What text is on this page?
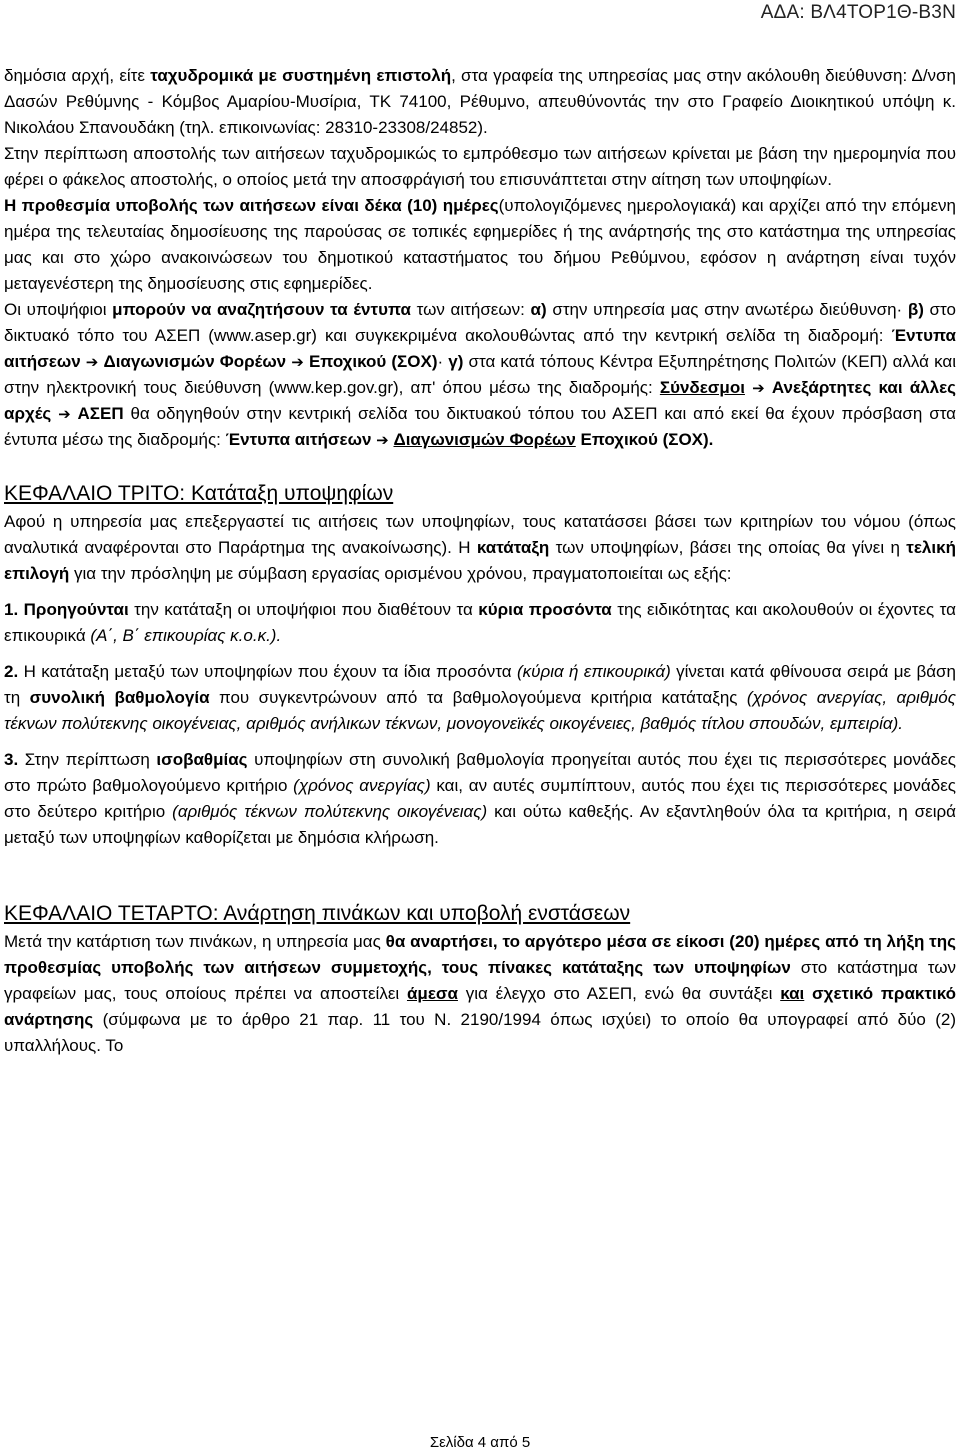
ΑΔΑ: ΒΛ4ΤΟΡ1Θ-Β3Ν

δημόσια αρχή, είτε ταχυδρομικά με συστημένη επιστολή, στα γραφεία της υπηρεσίας μας στην ακόλουθη διεύθυνση: Δ/νση Δασών Ρεθύμνης - Κόμβος Αμαρίου-Μυσίρια, ΤΚ 74100, Ρέθυμνο, απευθύνοντάς την στο Γραφείο Διοικητικού υπόψη κ. Νικολάου Σπανουδάκη (τηλ. επικοινωνίας: 28310-23308/24852).

Στην περίπτωση αποστολής των αιτήσεων ταχυδρομικώς το εμπρόθεσμο των αιτήσεων κρίνεται με βάση την ημερομηνία που φέρει ο φάκελος αποστολής, ο οποίος μετά την αποσφράγισή του επισυνάπτεται στην αίτηση των υποψηφίων.

Η προθεσμία υποβολής των αιτήσεων είναι δέκα (10) ημέρες(υπολογιζόμενες ημερολογιακά) και αρχίζει από την επόμενη ημέρα της τελευταίας δημοσίευσης της παρούσας σε τοπικές εφημερίδες ή της ανάρτησής της στο κατάστημα της υπηρεσίας μας και στο χώρο ανακοινώσεων του δημοτικού καταστήματος του δήμου Ρεθύμνου, εφόσον η ανάρτηση είναι τυχόν μεταγενέστερη της δημοσίευσης στις εφημερίδες.

Οι υποψήφιοι μπορούν να αναζητήσουν τα έντυπα των αιτήσεων: α) στην υπηρεσία μας στην ανωτέρω διεύθυνση· β) στο δικτυακό τόπο του ΑΣΕΠ (www.asep.gr) και συγκεκριμένα ακολουθώντας από την κεντρική σελίδα τη διαδρομή: Έντυπα αιτήσεων ➔ Διαγωνισμών Φορέων ➔ Εποχικού (ΣΟΧ)· γ) στα κατά τόπους Κέντρα Εξυπηρέτησης Πολιτών (ΚΕΠ) αλλά και στην ηλεκτρονική τους διεύθυνση (www.kep.gov.gr), απ' όπου μέσω της διαδρομής: Σύνδεσμοι ➔ Ανεξάρτητες και άλλες αρχές ➔ ΑΣΕΠ θα οδηγηθούν στην κεντρική σελίδα του δικτυακού τόπου του ΑΣΕΠ και από εκεί θα έχουν πρόσβαση στα έντυπα μέσω της διαδρομής: Έντυπα αιτήσεων ➔ Διαγωνισμών Φορέων Εποχικού (ΣΟΧ).

ΚΕΦΑΛΑΙΟ ΤΡΙΤΟ: Κατάταξη υποψηφίων

Αφού η υπηρεσία μας επεξεργαστεί τις αιτήσεις των υποψηφίων, τους κατατάσσει βάσει των κριτηρίων του νόμου (όπως αναλυτικά αναφέρονται στο Παράρτημα της ανακοίνωσης). Η κατάταξη των υποψηφίων, βάσει της οποίας θα γίνει η τελική επιλογή για την πρόσληψη με σύμβαση εργασίας ορισμένου χρόνου, πραγματοποιείται ως εξής:

1. Προηγούνται την κατάταξη οι υποψήφιοι που διαθέτουν τα κύρια προσόντα της ειδικότητας και ακολουθούν οι έχοντες τα επικουρικά (Α΄, Β΄ επικουρίας κ.ο.κ.).

2. Η κατάταξη μεταξύ των υποψηφίων που έχουν τα ίδια προσόντα (κύρια ή επικουρικά) γίνεται κατά φθίνουσα σειρά με βάση τη συνολική βαθμολογία που συγκεντρώνουν από τα βαθμολογούμενα κριτήρια κατάταξης (χρόνος ανεργίας, αριθμός τέκνων πολύτεκνης οικογένειας, αριθμός ανήλικων τέκνων, μονογονεϊκές οικογένειες, βαθμός τίτλου σπουδών, εμπειρία).

3. Στην περίπτωση ισοβαθμίας υποψηφίων στη συνολική βαθμολογία προηγείται αυτός που έχει τις περισσότερες μονάδες στο πρώτο βαθμολογούμενο κριτήριο (χρόνος ανεργίας) και, αν αυτές συμπίπτουν, αυτός που έχει τις περισσότερες μονάδες στο δεύτερο κριτήριο (αριθμός τέκνων πολύτεκνης οικογένειας) και ούτω καθεξής. Αν εξαντληθούν όλα τα κριτήρια, η σειρά μεταξύ των υποψηφίων καθορίζεται με δημόσια κλήρωση.

ΚΕΦΑΛΑΙΟ ΤΕΤΑΡΤΟ: Ανάρτηση πινάκων και υποβολή ενστάσεων

Μετά την κατάρτιση των πινάκων, η υπηρεσία μας θα αναρτήσει, το αργότερο μέσα σε είκοσι (20) ημέρες από τη λήξη της προθεσμίας υποβολής των αιτήσεων συμμετοχής, τους πίνακες κατάταξης των υποψηφίων στο κατάστημα των γραφείων μας, τους οποίους πρέπει να αποστείλει άμεσα για έλεγχο στο ΑΣΕΠ, ενώ θα συντάξει και σχετικό πρακτικό ανάρτησης (σύμφωνα με το άρθρο 21 παρ. 11 του Ν. 2190/1994 όπως ισχύει) το οποίο θα υπογραφεί από δύο (2) υπαλλήλους. Το

Σελίδα 4 από 5
